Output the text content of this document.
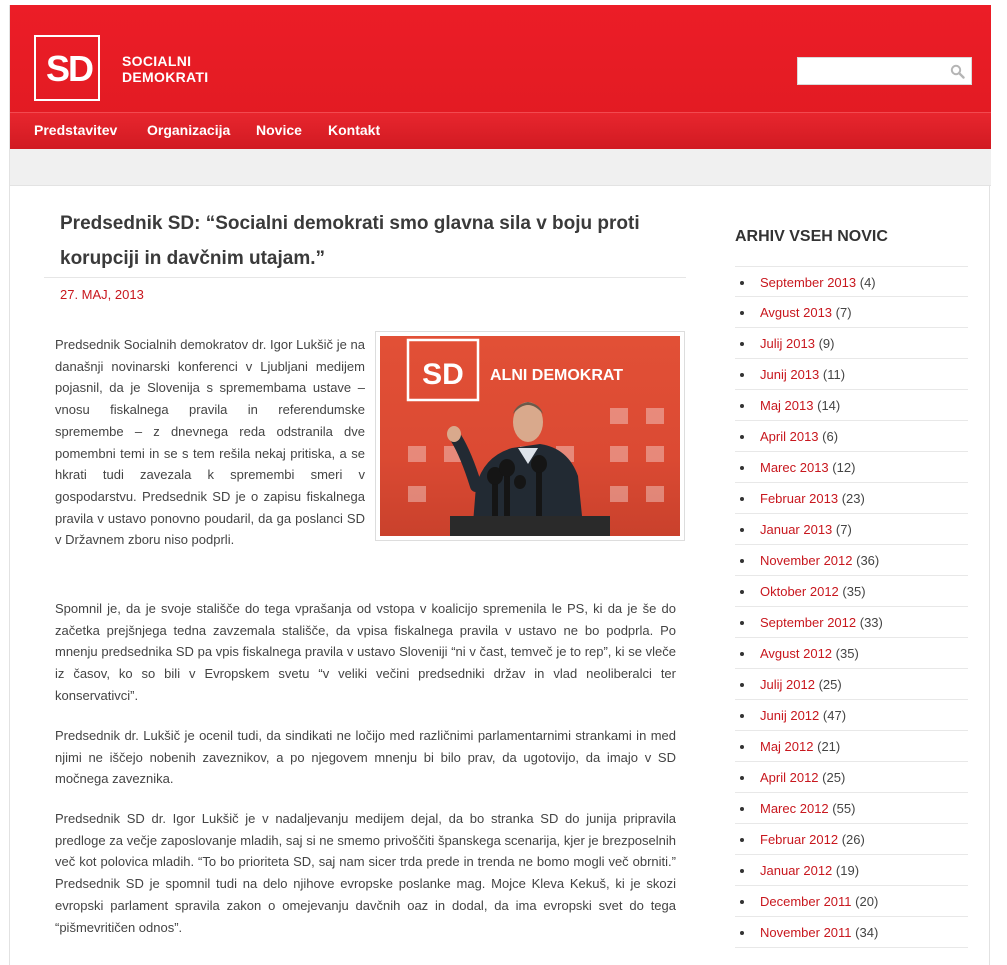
SD	SOCIALNI
DEMOKRATI
Predstavitev Organizacija Novice Kontakt
Predsednik SD: “Socialni demokrati smo glavna sila v boju proti korupciji in davčnim utajam.”
27. MAJ, 2013
SD ALNI DEMOKRAT

Predsednik Socialnih demokratov dr. Igor Lukšič je na današnji novinarski konferenci v Ljubljani medijem pojasnil, da je Slovenija s spremembama ustave – vnosu fiskalnega pravila in referendumske spremembe – z dnevnega reda odstranila dve pomembni temi in se s tem rešila nekaj pritiska, a se hkrati tudi zavezala k spremembi smeri v gospodarstvu. Predsednik SD je o zapisu fiskalnega pravila v ustavo ponovno poudaril, da ga poslanci SD v Državnem zboru niso podprli.

Spomnil je, da je svoje stališče do tega vprašanja od vstopa v koalicijo spremenila le PS, ki da je še do začetka prejšnjega tedna zavzemala stališče, da vpisa fiskalnega pravila v ustavo ne bo podprla. Po mnenju predsednika SD pa vpis fiskalnega pravila v ustavo Sloveniji “ni v čast, temveč je to rep”, ki se vleče iz časov, ko so bili v Evropskem svetu “v veliki večini predsedniki držav in vlad neoliberalci ter konservativci”.

Predsednik dr. Lukšič je ocenil tudi, da sindikati ne ločijo med različnimi parlamentarnimi strankami in med njimi ne iščejo nobenih zaveznikov, a po njegovem mnenju bi bilo prav, da ugotovijo, da imajo v SD močnega zaveznika.

Predsednik SD dr. Igor Lukšič je v nadaljevanju medijem dejal, da bo stranka SD do junija pripravila predloge za večje zaposlovanje mladih, saj si ne smemo privoščiti španskega scenarija, kjer je brezposelnih več kot polovica mladih. “To bo prioriteta SD, saj nam sicer trda prede in trenda ne bomo mogli več obrniti.” Predsednik SD je spomnil tudi na delo njihove evropske poslanke mag. Mojce Kleva Kekuš, ki je skozi evropski parlament spravila zakon o omejevanju davčnih oaz in dodal, da ima evropski svet do tega “pišmevritičen odnos”.

ARHIV VSEH NOVIC
September 2013 (4)
Avgust 2013 (7)
Julij 2013 (9)
Junij 2013 (11)
Maj 2013 (14)
April 2013 (6)
Marec 2013 (12)
Februar 2013 (23)
Januar 2013 (7)
November 2012 (36)
Oktober 2012 (35)
September 2012 (33)
Avgust 2012 (35)
Julij 2012 (25)
Junij 2012 (47)
Maj 2012 (21)
April 2012 (25)
Marec 2012 (55)
Februar 2012 (26)
Januar 2012 (19)
December 2011 (20)
November 2011 (34)
